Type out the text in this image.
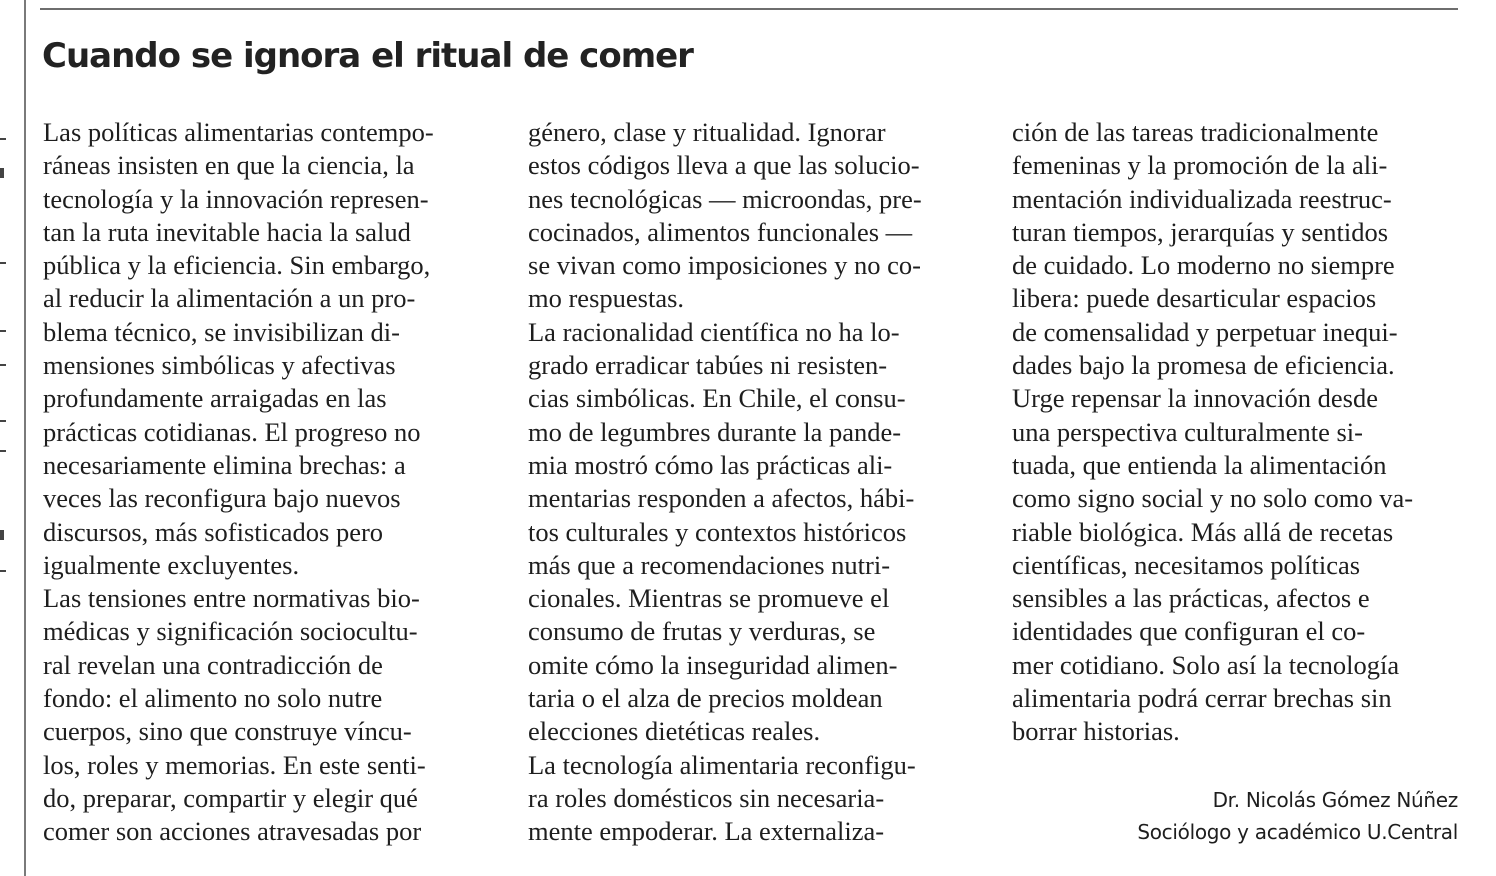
Cuando se ignora el ritual de comer
Las políticas alimentarias contempo-
ráneas insisten en que la ciencia, la
tecnología y la innovación represen-
tan la ruta inevitable hacia la salud
pública y la eficiencia. Sin embargo,
al reducir la alimentación a un pro-
blema técnico, se invisibilizan di-
mensiones simbólicas y afectivas
profundamente arraigadas en las
prácticas cotidianas. El progreso no
necesariamente elimina brechas: a
veces las reconfigura bajo nuevos
discursos, más sofisticados pero
igualmente excluyentes.
Las tensiones entre normativas bio-
médicas y significación sociocultu-
ral revelan una contradicción de
fondo: el alimento no solo nutre
cuerpos, sino que construye víncu-
los, roles y memorias. En este senti-
do, preparar, compartir y elegir qué
comer son acciones atravesadas por
género, clase y ritualidad. Ignorar
estos códigos lleva a que las solucio-
nes tecnológicas — microondas, pre-
cocinados, alimentos funcionales —
se vivan como imposiciones y no co-
mo respuestas.
La racionalidad científica no ha lo-
grado erradicar tabúes ni resisten-
cias simbólicas. En Chile, el consu-
mo de legumbres durante la pande-
mia mostró cómo las prácticas ali-
mentarias responden a afectos, hábi-
tos culturales y contextos históricos
más que a recomendaciones nutri-
cionales. Mientras se promueve el
consumo de frutas y verduras, se
omite cómo la inseguridad alimen-
taria o el alza de precios moldean
elecciones dietéticas reales.
La tecnología alimentaria reconfigu-
ra roles domésticos sin necesaria-
mente empoderar. La externaliza-
ción de las tareas tradicionalmente
femeninas y la promoción de la ali-
mentación individualizada reestruc-
turan tiempos, jerarquías y sentidos
de cuidado. Lo moderno no siempre
libera: puede desarticular espacios
de comensalidad y perpetuar inequi-
dades bajo la promesa de eficiencia.
Urge repensar la innovación desde
una perspectiva culturalmente si-
tuada, que entienda la alimentación
como signo social y no solo como va-
riable biológica. Más allá de recetas
científicas, necesitamos políticas
sensibles a las prácticas, afectos e
identidades que configuran el co-
mer cotidiano. Solo así la tecnología
alimentaria podrá cerrar brechas sin
borrar historias.
Dr. Nicolás Gómez Núñez
Sociólogo y académico U.Central
